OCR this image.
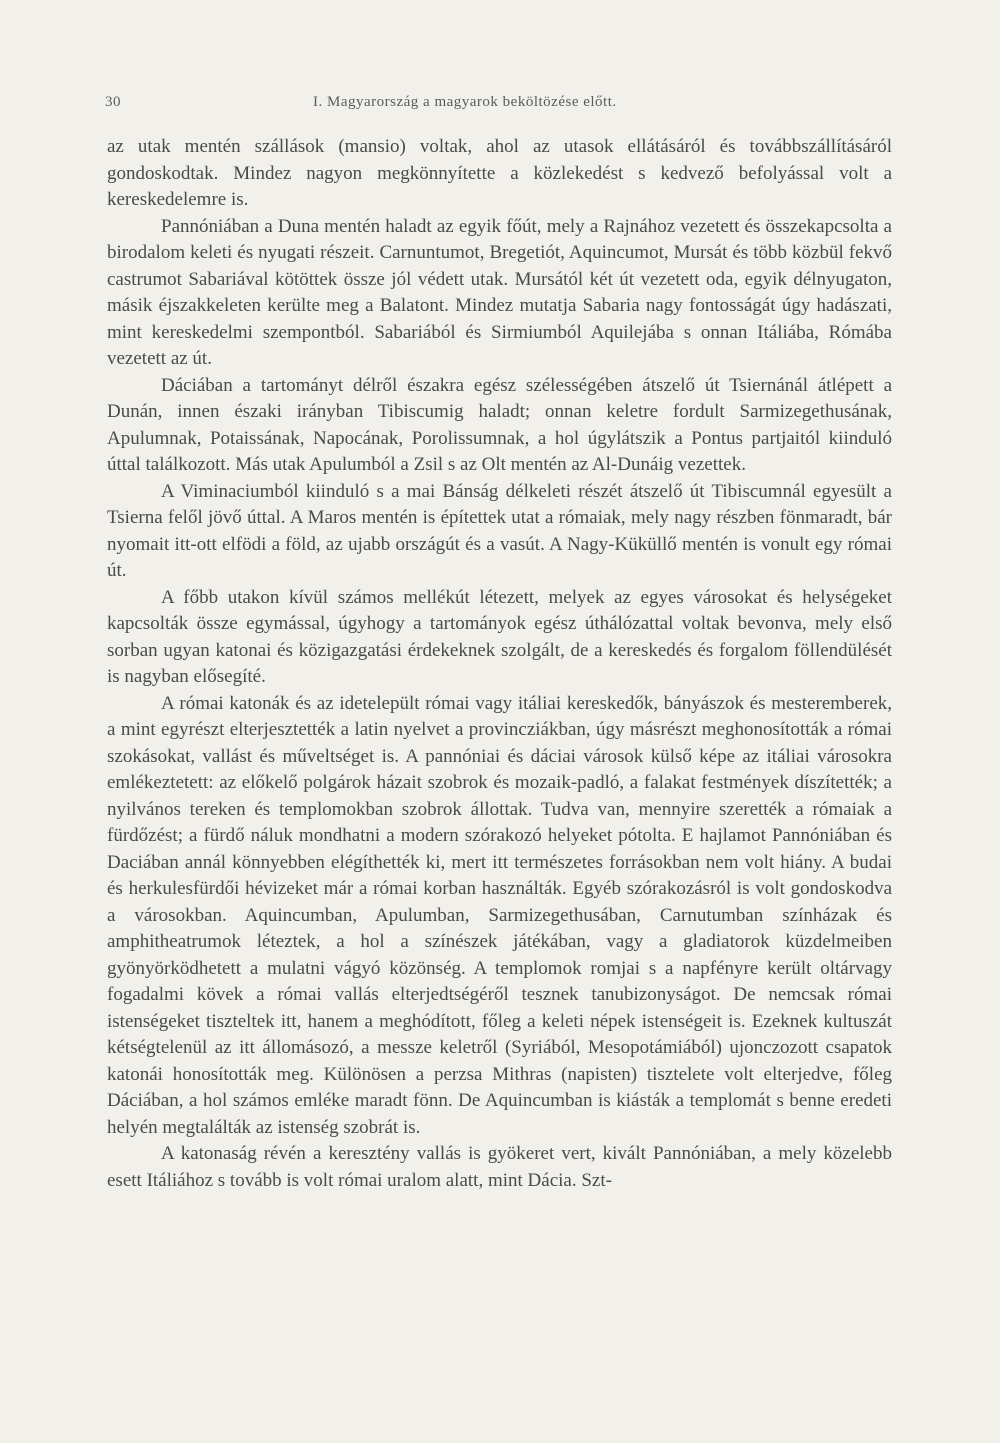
30	I. Magyarország a magyarok beköltözése előtt.

az utak mentén szállások (mansio) voltak, ahol az utasok ellátásáról és továbbszállításáról gondoskodtak. Mindez nagyon megkönnyítette a közlekedést s kedvező befolyással volt a kereskedelemre is.

Pannóniában a Duna mentén haladt az egyik főút, mely a Rajnához vezetett és összekapcsolta a birodalom keleti és nyugati részeit. Carnuntumot, Bregetiót, Aquincumot, Mursát és több közbül fekvő castrumot Sabariával kötöttek össze jól védett utak. Mursától két út vezetett oda, egyik délnyugaton, másik éjszakkeleten kerülte meg a Balatont. Mindez mutatja Sabaria nagy fontosságát úgy hadászati, mint kereskedelmi szempontból. Sabariából és Sirmiumból Aquilejába s onnan Itáliába, Rómába vezetett az út.

Dáciában a tartományt délről északra egész szélességében átszelő út Tsiernánál átlépett a Dunán, innen északi irányban Tibiscumig haladt; onnan keletre fordult Sarmizegethusának, Apulumnak, Potaissának, Napocának, Porolissumnak, a hol úgylátszik a Pontus partjaitól kiinduló úttal találkozott. Más utak Apulumból a Zsil s az Olt mentén az Al-Dunáig vezettek.

A Viminaciumból kiinduló s a mai Bánság délkeleti részét átszelő út Tibiscumnál egyesült a Tsierna felől jövő úttal. A Maros mentén is építettek utat a rómaiak, mely nagy részben fönmaradt, bár nyomait itt-ott elfödi a föld, az ujabb országút és a vasút. A Nagy-Küküllő mentén is vonult egy római út.

A főbb utakon kívül számos mellékút létezett, melyek az egyes városokat és helységeket kapcsolták össze egymással, úgyhogy a tartományok egész úthálózattal voltak bevonva, mely első sorban ugyan katonai és közigazgatási érdekeknek szolgált, de a kereskedés és forgalom föllendülését is nagyban elősegíté.

A római katonák és az idetelepült római vagy itáliai kereskedők, bányászok és mesteremberek, a mint egyrészt elterjesztették a latin nyelvet a provincziákban, úgy másrészt meghonosították a római szokásokat, vallást és műveltséget is. A pannóniai és dáciai városok külső képe az itáliai városokra emlékeztetett: az előkelő polgárok házait szobrok és mozaik-padló, a falakat festmények díszítették; a nyilvános tereken és templomokban szobrok állottak. Tudva van, mennyire szerették a rómaiak a fürdőzést; a fürdő náluk mondhatni a modern szórakozó helyeket pótolta. E hajlamot Pannóniában és Daciában annál könnyebben elégíthették ki, mert itt természetes forrásokban nem volt hiány. A budai és herkulesfürdői hévizeket már a római korban használták. Egyéb szórakozásról is volt gondoskodva a városokban. Aquincumban, Apulumban, Sarmizegethusában, Carnutumban színházak és amphitheatrumok léteztek, a hol a színészek játékában, vagy a gladiatorok küzdelmeiben gyönyörködhetett a mulatni vágyó közönség. A templomok romjai s a napfényre került oltárvagy fogadalmi kövek a római vallás elterjedtségéről tesznek tanubizonyságot. De nemcsak római istenségeket tiszteltek itt, hanem a meghódított, főleg a keleti népek istenségeit is. Ezeknek kultuszát kétségtelenül az itt állomásozó, a messze keletről (Syriából, Mesopotámiából) ujonczozott csapatok katonái honosították meg. Különösen a perzsa Mithras (napisten) tisztelete volt elterjedve, főleg Dáciában, a hol számos emléke maradt fönn. De Aquincumban is kiásták a templomát s benne eredeti helyén megtalálták az istenség szobrát is.

A katonaság révén a keresztény vallás is gyökeret vert, kivált Pannóniában, a mely közelebb esett Itáliához s tovább is volt római uralom alatt, mint Dácia. Szt-
